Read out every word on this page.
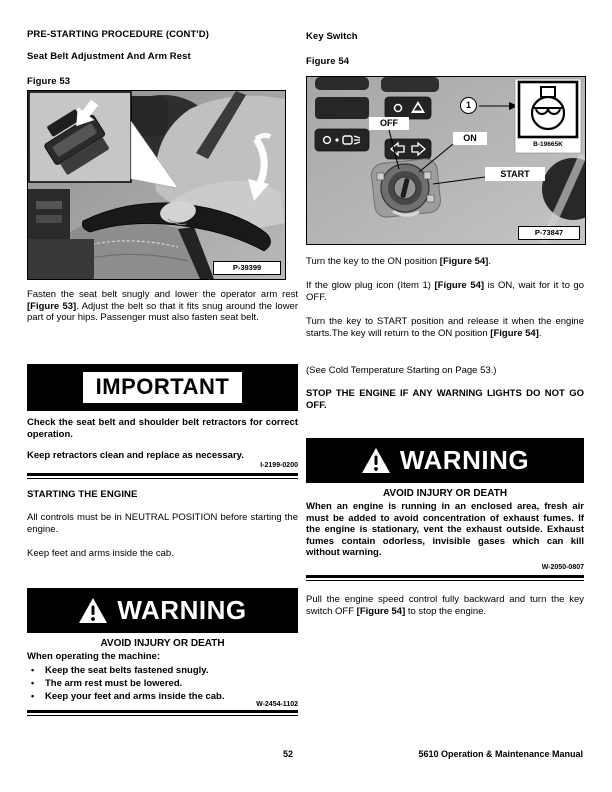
PRE-STARTING PROCEDURE (CONT'D)
Seat Belt Adjustment And Arm Rest
Figure 53
P-39399
Fasten the seat belt snugly and lower the operator arm rest [Figure 53]. Adjust the belt so that it fits snug around the lower part of your hips. Passenger must also fasten seat belt.
IMPORTANT
Check the seat belt and shoulder belt retractors for correct operation.
Keep retractors clean and replace as necessary.
I-2199-0200
STARTING THE ENGINE
All controls must be in NEUTRAL POSITION before starting the engine.
Keep feet and arms inside the cab.
WARNING
AVOID INJURY OR DEATH
When operating the machine:
•	Keep the seat belts fastened snugly.
•	The arm rest must be lowered.
•	Keep your feet and arms inside the cab.
W-2454-1102
Key Switch
Figure 54
OFF
ON
START
1
B-19665K
P-73847
Turn the key to the ON position [Figure 54].
If the glow plug icon (Item 1) [Figure 54] is ON, wait for it to go OFF.
Turn the key to START position and release it when the engine starts.The key will return to the ON position [Figure 54].
(See Cold Temperature Starting on Page 53.)
STOP THE ENGINE IF ANY WARNING LIGHTS DO NOT GO OFF.
WARNING
AVOID INJURY OR DEATH
When an engine is running in an enclosed area, fresh air must be added to avoid concentration of exhaust fumes. If the engine is stationary, vent the exhaust outside. Exhaust fumes contain odorless, invisible gases which can kill without warning.
W-2050-0807
Pull the engine speed control fully backward and turn the key switch OFF [Figure 54] to stop the engine.
52	5610 Operation & Maintenance Manual
